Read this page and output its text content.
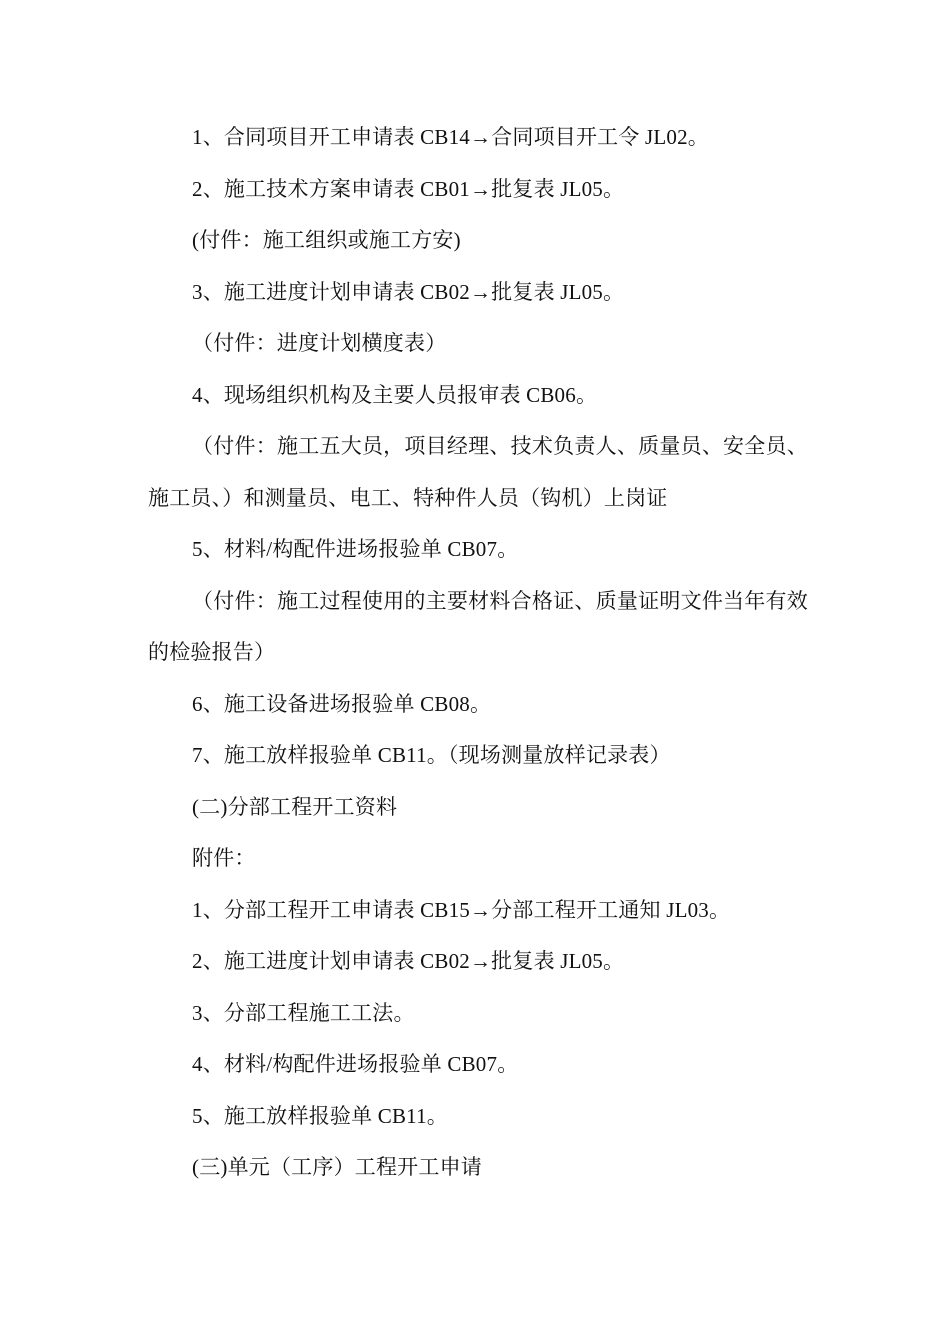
1、合同项目开工申请表 CB14→合同项目开工令 JL02。
2、施工技术方案申请表 CB01→批复表 JL05。
(付件：施工组织或施工方安)
3、施工进度计划申请表 CB02→批复表 JL05。
（付件：进度计划横度表）
4、现场组织机构及主要人员报审表 CB06。
（付件：施工五大员，项目经理、技术负责人、质量员、安全员、施工员、）和测量员、电工、特种件人员（钩机）上岗证
5、材料/构配件进场报验单 CB07。
（付件：施工过程使用的主要材料合格证、质量证明文件当年有效的检验报告）
6、施工设备进场报验单 CB08。
7、施工放样报验单 CB11。（现场测量放样记录表）
(二)分部工程开工资料
附件：
1、分部工程开工申请表 CB15→分部工程开工通知 JL03。
2、施工进度计划申请表 CB02→批复表 JL05。
3、分部工程施工工法。
4、材料/构配件进场报验单 CB07。
5、施工放样报验单 CB11。
(三)单元（工序）工程开工申请
